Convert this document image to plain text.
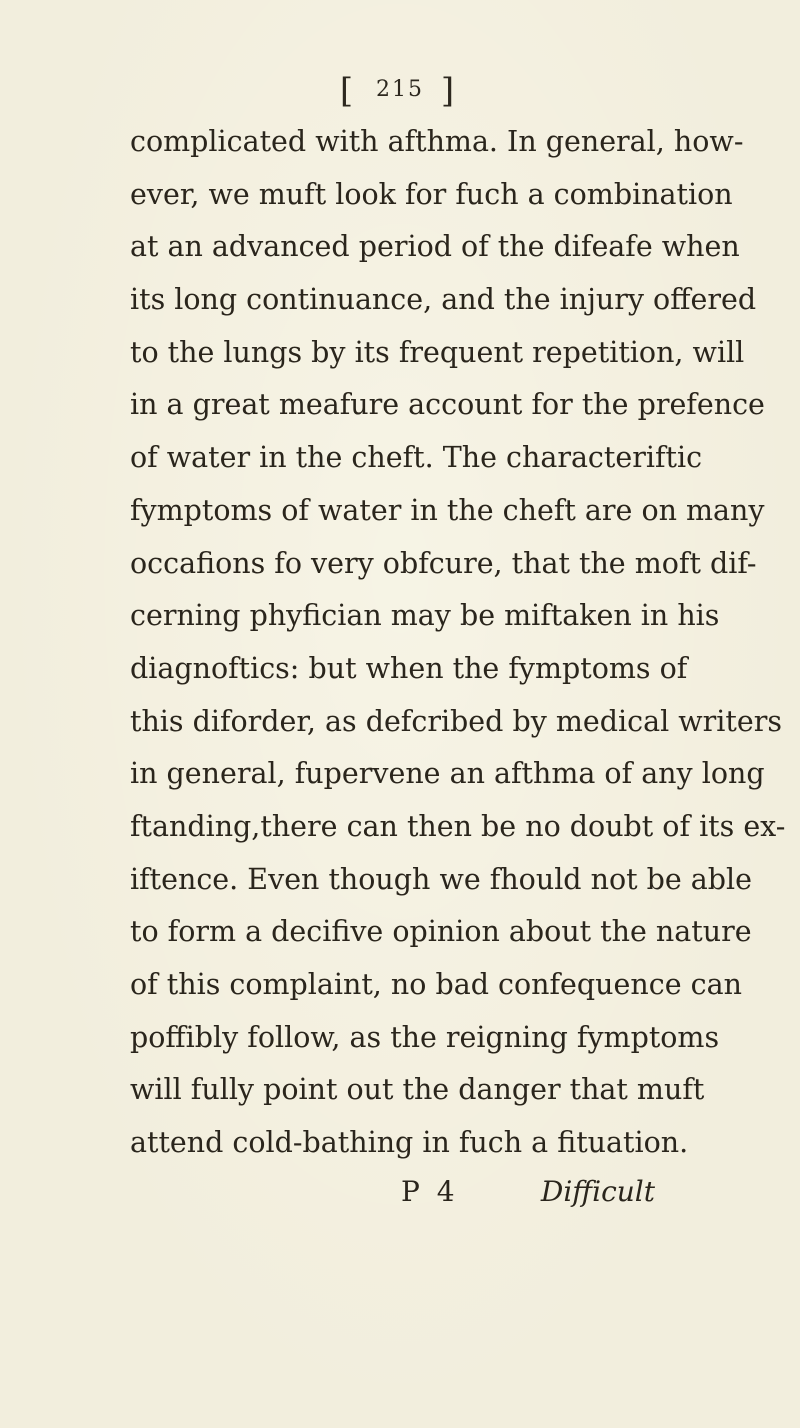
[ 215 ]
complicated with afthma. In general, how-
ever, we muft look for fuch a combination
at an advanced period of the difeafe when
its long continuance, and the injury offered
to the lungs by its frequent repetition, will
in a great meafure account for the prefence
of water in the cheft. The characteriftic
fymptoms of water in the cheft are on many
occafions fo very obfcure, that the moft dif-
cerning phyfician may be miftaken in his
diagnoftics: but when the fymptoms of
this diforder, as defcribed by medical writers
in general, fupervene an afthma of any long
ftanding,there can then be no doubt of its ex-
iftence. Even though we fhould not be able
to form a decifive opinion about the nature
of this complaint, no bad confequence can
poffibly follow, as the reigning fymptoms
will fully point out the danger that muft
attend cold-bathing in fuch a fituation.
P 4	Difficult
